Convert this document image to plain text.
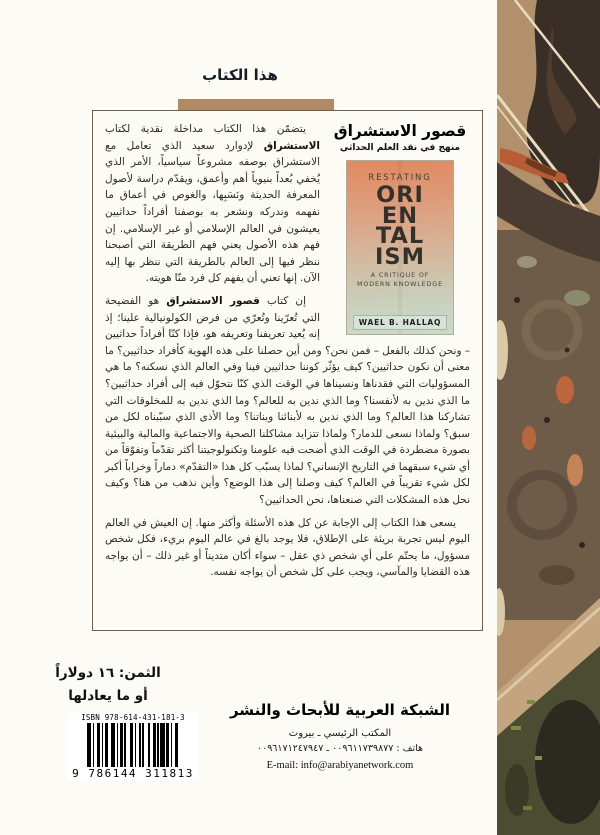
هذا الكتاب
قصور الاستشراق
منهج في نقد العلم الحداثي
RESTATING
ORI
EN
TAL
ISM
A CRITIQUE OF
MODERN KNOWLEDGE
WAEL B. HALLAQ

يتضمّن هذا الكتاب مداخلة نقدية لكتاب الاستشراق لإدوارد سعيد الذي تعامل مع الاستشراق بوصفه مشروعاً سياسياً، الأمر الذي يُخفي بُعداً بنيوياً أهم وأعمق، ويقدّم دراسة لأصول المعرفة الحديثة ونَسَبِها، والغوص في أعماق ما نفهمه وندركه ونشعر به بوصفنا أفراداً حداثيين يعيشون في العالم الإسلامي أو غير الإسلامي. إن فهم هذه الأصول يعني فهم الطريقة التي أصبحنا ننظر فيها إلى العالم بالطريقة التي ننظر بها إليه الآن. إنها تعني أن يفهم كل فرد منّا هويته.

إن كتاب قصور الاستشراق هو الفضيحة التي تُعرّينا وتُعرّي من فرض الكولونيالية علينا؛ إذ إنه يُعيد تعريفنا وتعريفه هو، فإذا كنّا أفراداً حداثيين – ونحن كذلك بالفعل – فمن نحن؟ ومن أين حصلنا على هذه الهوية كأفراد حداثيين؟ ما معنى أن نكون حداثيين؟ كيف يؤثّر كوننا حداثيين فينا وفي العالم الذي نسكنه؟ ما هي المسؤوليات التي فقدناها ونسيناها في الوقت الذي كنّا نتحوّل فيه إلى أفراد حداثيين؟ ما الذي ندين به لأنفسنا؟ وما الذي ندين به للعالم؟ وما الذي ندين به للمخلوقات التي تشاركنا هذا العالم؟ وما الذي ندين به لأبنائنا وبناتنا؟ وما الأذى الذي سبّبناه لكل من سبق؟ ولماذا نسعى للدمار؟ ولماذا تتزايد مشاكلنا الصحية والاجتماعية والمالية والبيئية بصورة مضطردة في الوقت الذي أضحت فيه علومنا وتكنولوجيتنا أكثر تقدّماً وتفوّقاً من أي شيء سبقهما في التاريخ الإنساني؟ لماذا يسبّب كل هذا «التقدّم» دماراً وخراباً أكبر لكل شيء تقريباً في العالم؟ كيف وصلنا إلى هذا الوضع؟ وأين نذهب من هنا؟ وكيف نحل هذه المشكلات التي صنعناها، نحن الحداثيين؟

يسعى هذا الكتاب إلى الإجابة عن كل هذه الأسئلة وأكثر منها. إن العيش في العالم اليوم ليس تجربة بريئة على الإطلاق، فلا يوجد بالغ في عالم اليوم بريء، فكل شخص مسؤول، ما يحتّم على أي شخص ذي عقل – سواء أكان متديناً أو غير ذلك – أن يواجه هذه القضايا والمآسي، ويجب على كل شخص أن يواجه نفسه.

الثمن: ١٦ دولاراً
أو ما يعادلها
ISBN 978-614-431-181-3
9 786144 311813
الشبكة العربية للأبحاث والنشر
المكتب الرئيسي ـ بيروت
هاتف : ٠٠٩٦١١٧٣٩٨٧٧ ـ ٠٠٩٦١٧١٢٤٧٩٤٧
E-mail: info@arabiyanetwork.com
